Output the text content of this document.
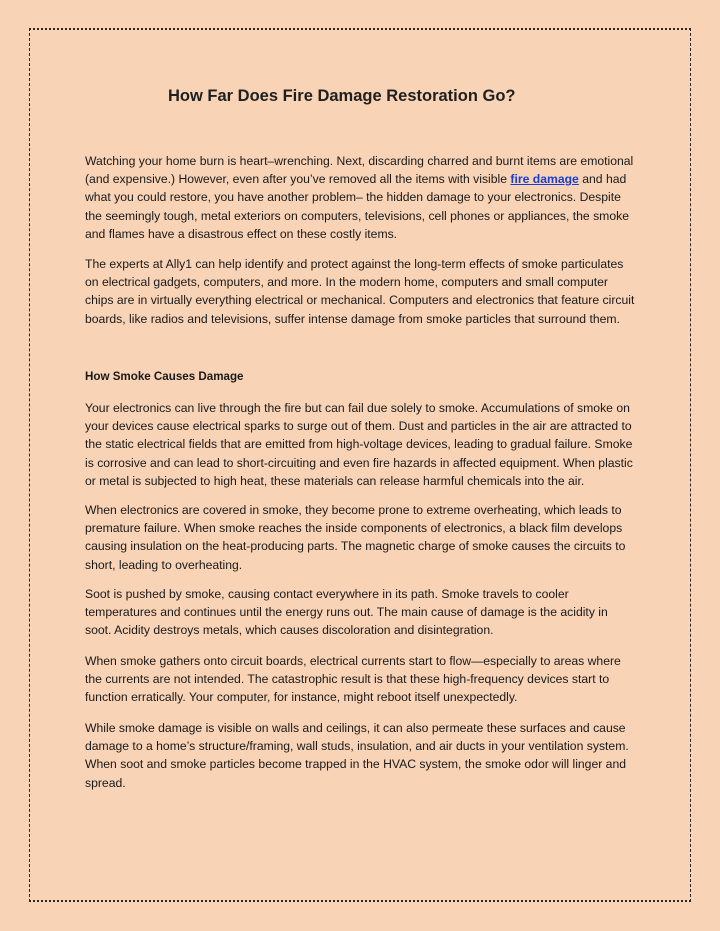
How Far Does Fire Damage Restoration Go?

Watching your home burn is heart–wrenching. Next, discarding charred and burnt items are emotional (and expensive.) However, even after you’ve removed all the items with visible fire damage and had what you could restore, you have another problem– the hidden damage to your electronics. Despite the seemingly tough, metal exteriors on computers, televisions, cell phones or appliances, the smoke and flames have a disastrous effect on these costly items.

The experts at Ally1 can help identify and protect against the long-term effects of smoke particulates on electrical gadgets, computers, and more. In the modern home, computers and small computer chips are in virtually everything electrical or mechanical. Computers and electronics that feature circuit boards, like radios and televisions, suffer intense damage from smoke particles that surround them.

How Smoke Causes Damage

Your electronics can live through the fire but can fail due solely to smoke. Accumulations of smoke on your devices cause electrical sparks to surge out of them. Dust and particles in the air are attracted to the static electrical fields that are emitted from high-voltage devices, leading to gradual failure. Smoke is corrosive and can lead to short-circuiting and even fire hazards in affected equipment. When plastic or metal is subjected to high heat, these materials can release harmful chemicals into the air.

When electronics are covered in smoke, they become prone to extreme overheating, which leads to premature failure. When smoke reaches the inside components of electronics, a black film develops causing insulation on the heat-producing parts. The magnetic charge of smoke causes the circuits to short, leading to overheating.

Soot is pushed by smoke, causing contact everywhere in its path. Smoke travels to cooler temperatures and continues until the energy runs out. The main cause of damage is the acidity in soot. Acidity destroys metals, which causes discoloration and disintegration.

When smoke gathers onto circuit boards, electrical currents start to flow—especially to areas where the currents are not intended. The catastrophic result is that these high-frequency devices start to function erratically. Your computer, for instance, might reboot itself unexpectedly.

While smoke damage is visible on walls and ceilings, it can also permeate these surfaces and cause damage to a home’s structure/framing, wall studs, insulation, and air ducts in your ventilation system. When soot and smoke particles become trapped in the HVAC system, the smoke odor will linger and spread.
